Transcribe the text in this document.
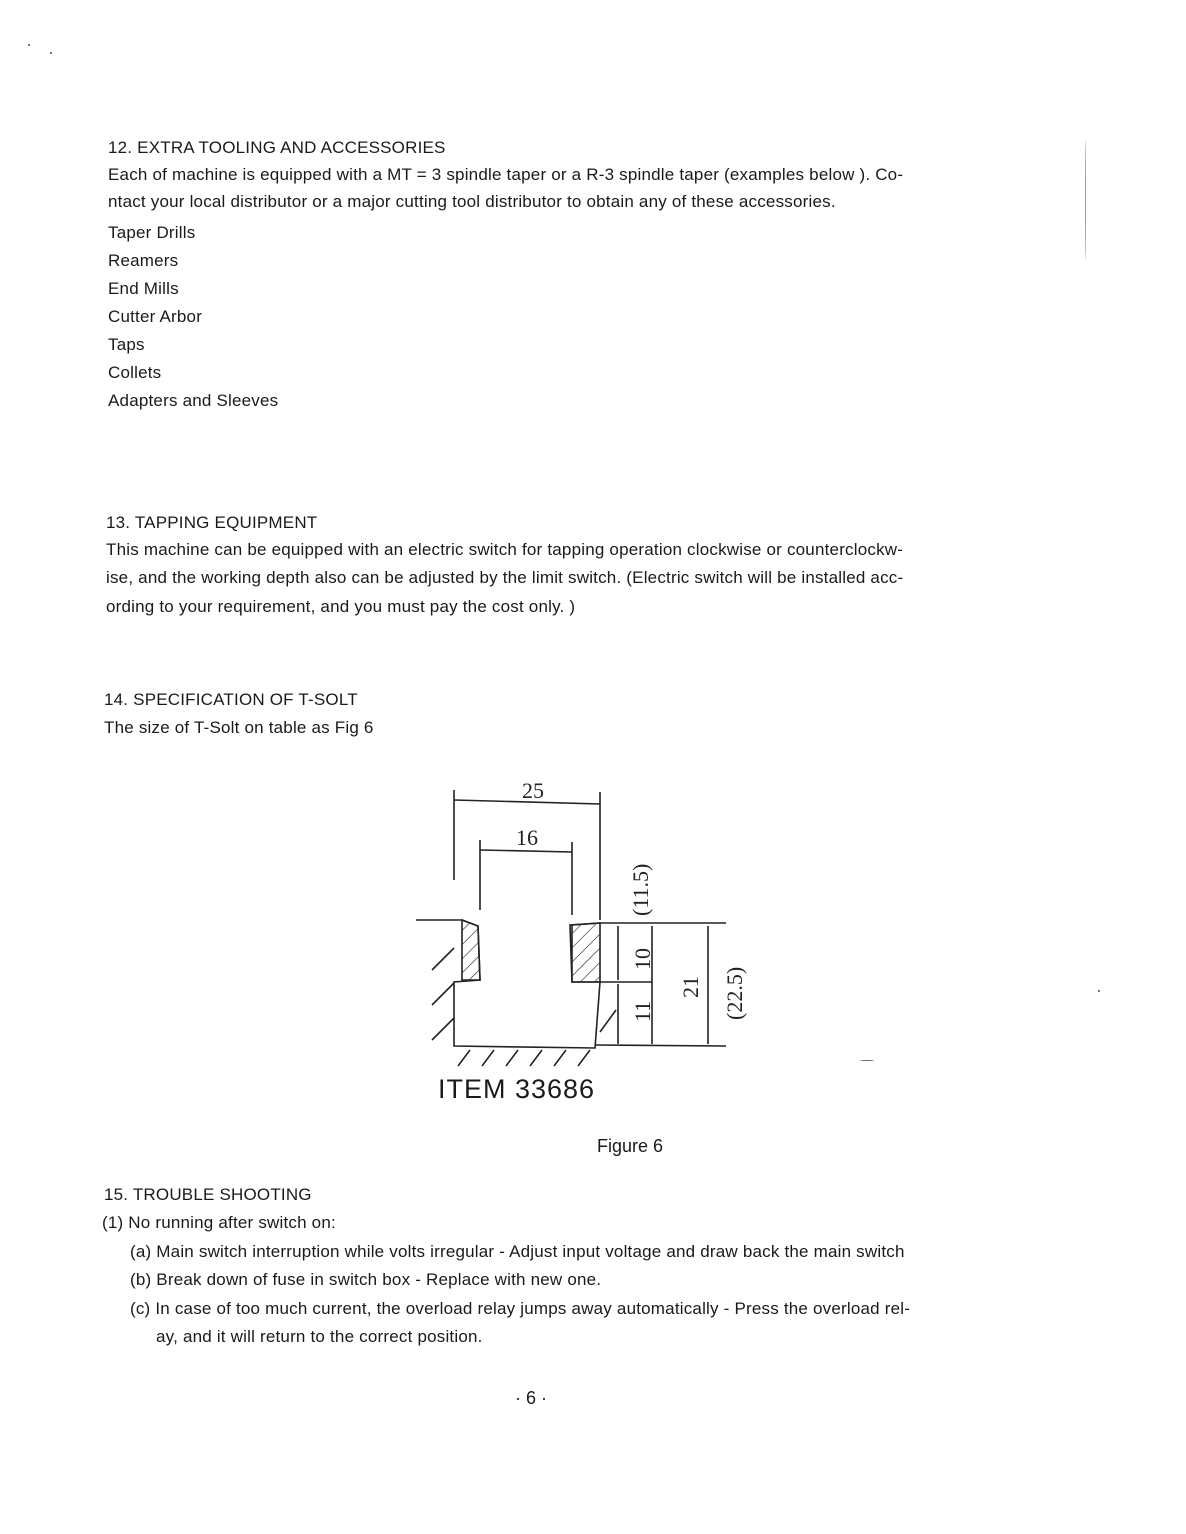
12. EXTRA TOOLING AND ACCESSORIES
Each of machine is equipped with a MT = 3 spindle taper or a R-3 spindle taper (examples below ). Co-
ntact your local distributor or a major cutting tool distributor to obtain any of these accessories.
Taper Drills
Reamers
End Mills
Cutter Arbor
Taps
Collets
Adapters and Sleeves
13. TAPPING EQUIPMENT
This machine can be equipped with an electric switch for tapping operation clockwise or counterclockw-
ise, and the working depth also can be adjusted by the limit switch. (Electric switch will be installed acc-
ording to your requirement, and you must pay the cost only. )
14. SPECIFICATION OF T-SOLT
The size of T-Solt on table as Fig 6
25
16
(11.5)
10
11
21 (22.5)
ITEM 33686
Figure 6
15. TROUBLE SHOOTING
(1) No running after switch on:
(a) Main switch interruption while volts irregular - Adjust input voltage and draw back the main switch
(b) Break down of fuse in switch box - Replace with new one.
(c) In case of too much current, the overload relay jumps away automatically - Press the overload rel-
ay, and it will return to the correct position.
· 6 ·
